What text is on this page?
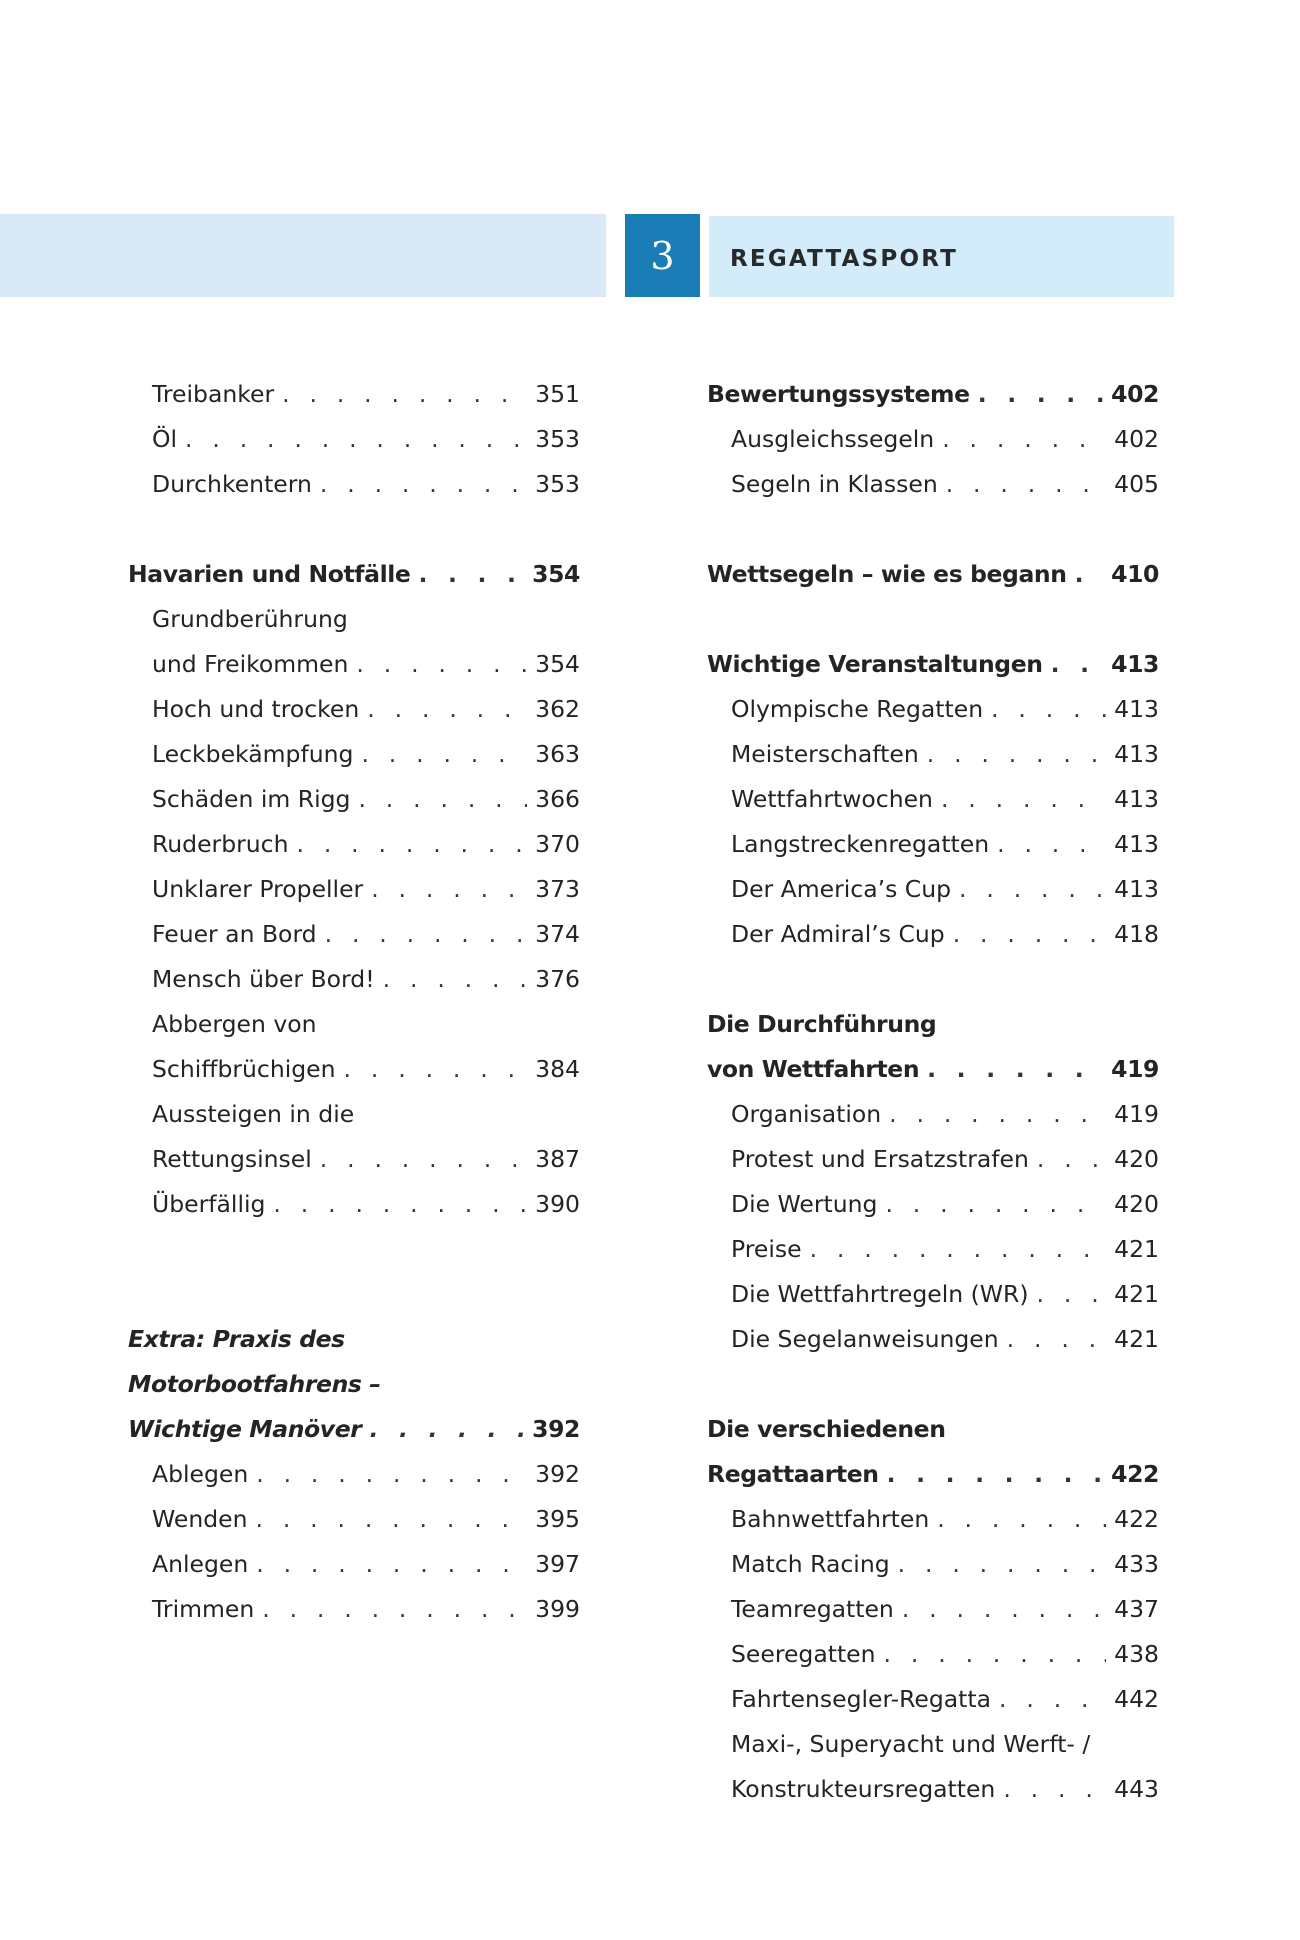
3 REGATTASPORT
Treibanker . . .	351
Öl . . .	353
Durchkentern . . .	353
Havarien und Notfälle . . .	354
Grundberührung
und Freikommen . . .	354
Hoch und trocken . . .	362
Leckbekämpfung . . .	363
Schäden im Rigg . . .	366
Ruderbruch . . .	370
Unklarer Propeller . . .	373
Feuer an Bord . . .	374
Mensch über Bord! . . .	376
Abbergen von
Schiffbrüchigen . . .	384
Aussteigen in die
Rettungsinsel . . .	387
Überfällig . . .	390
Extra: Praxis des
Motorbootfahrens –
Wichtige Manöver . . .	392
Ablegen . . .	392
Wenden . . .	395
Anlegen . . .	397
Trimmen . . .	399
Bewertungssysteme . . .	402
Ausgleichssegeln . . .	402
Segeln in Klassen . . .	405
Wettsegeln – wie es begann . . . 410
Wichtige Veranstaltungen . . .	413
Olympische Regatten . . .	413
Meisterschaften . . .	413
Wettfahrtwochen . . .	413
Langstreckenregatten . . .	413
Der America’s Cup . . .	413
Der Admiral’s Cup . . .	418
Die Durchführung
von Wettfahrten . . .	419
Organisation . . .	419
Protest und Ersatzstrafen . . .	420
Die Wertung . . .	420
Preise . . .	421
Die Wettfahrtregeln (WR) . . .	421
Die Segelanweisungen . . .	421
Die verschiedenen
Regattaarten . . .	422
Bahnwettfahrten . . .	422
Match Racing . . .	433
Teamregatten . . .	437
Seeregatten . . .	438
Fahrtensegler-Regatta . . .	442
Maxi-, Superyacht und Werft- /
Konstrukteursregatten . . .	443
